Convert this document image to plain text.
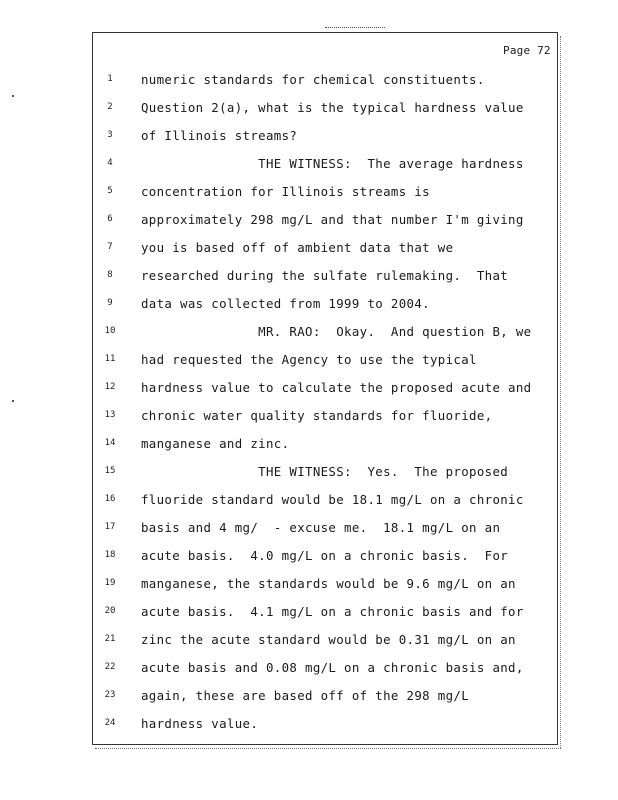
Page 72
1	numeric standards for chemical constituents.
2	Question 2(a), what is the typical hardness value
3	of Illinois streams?
4	THE WITNESS:  The average hardness
5	concentration for Illinois streams is
6	approximately 298 mg/L and that number I'm giving
7	you is based off of ambient data that we
8	researched during the sulfate rulemaking.  That
9	data was collected from 1999 to 2004.
10	MR. RAO:  Okay.  And question B, we
11	had requested the Agency to use the typical
12	hardness value to calculate the proposed acute and
13	chronic water quality standards for fluoride,
14	manganese and zinc.
15	THE WITNESS:  Yes.  The proposed
16	fluoride standard would be 18.1 mg/L on a chronic
17	basis and 4 mg/  - excuse me.  18.1 mg/L on an
18	acute basis.  4.0 mg/L on a chronic basis.  For
19	manganese, the standards would be 9.6 mg/L on an
20	acute basis.  4.1 mg/L on a chronic basis and for
21	zinc the acute standard would be 0.31 mg/L on an
22	acute basis and 0.08 mg/L on a chronic basis and,
23	again, these are based off of the 298 mg/L
24	hardness value.
